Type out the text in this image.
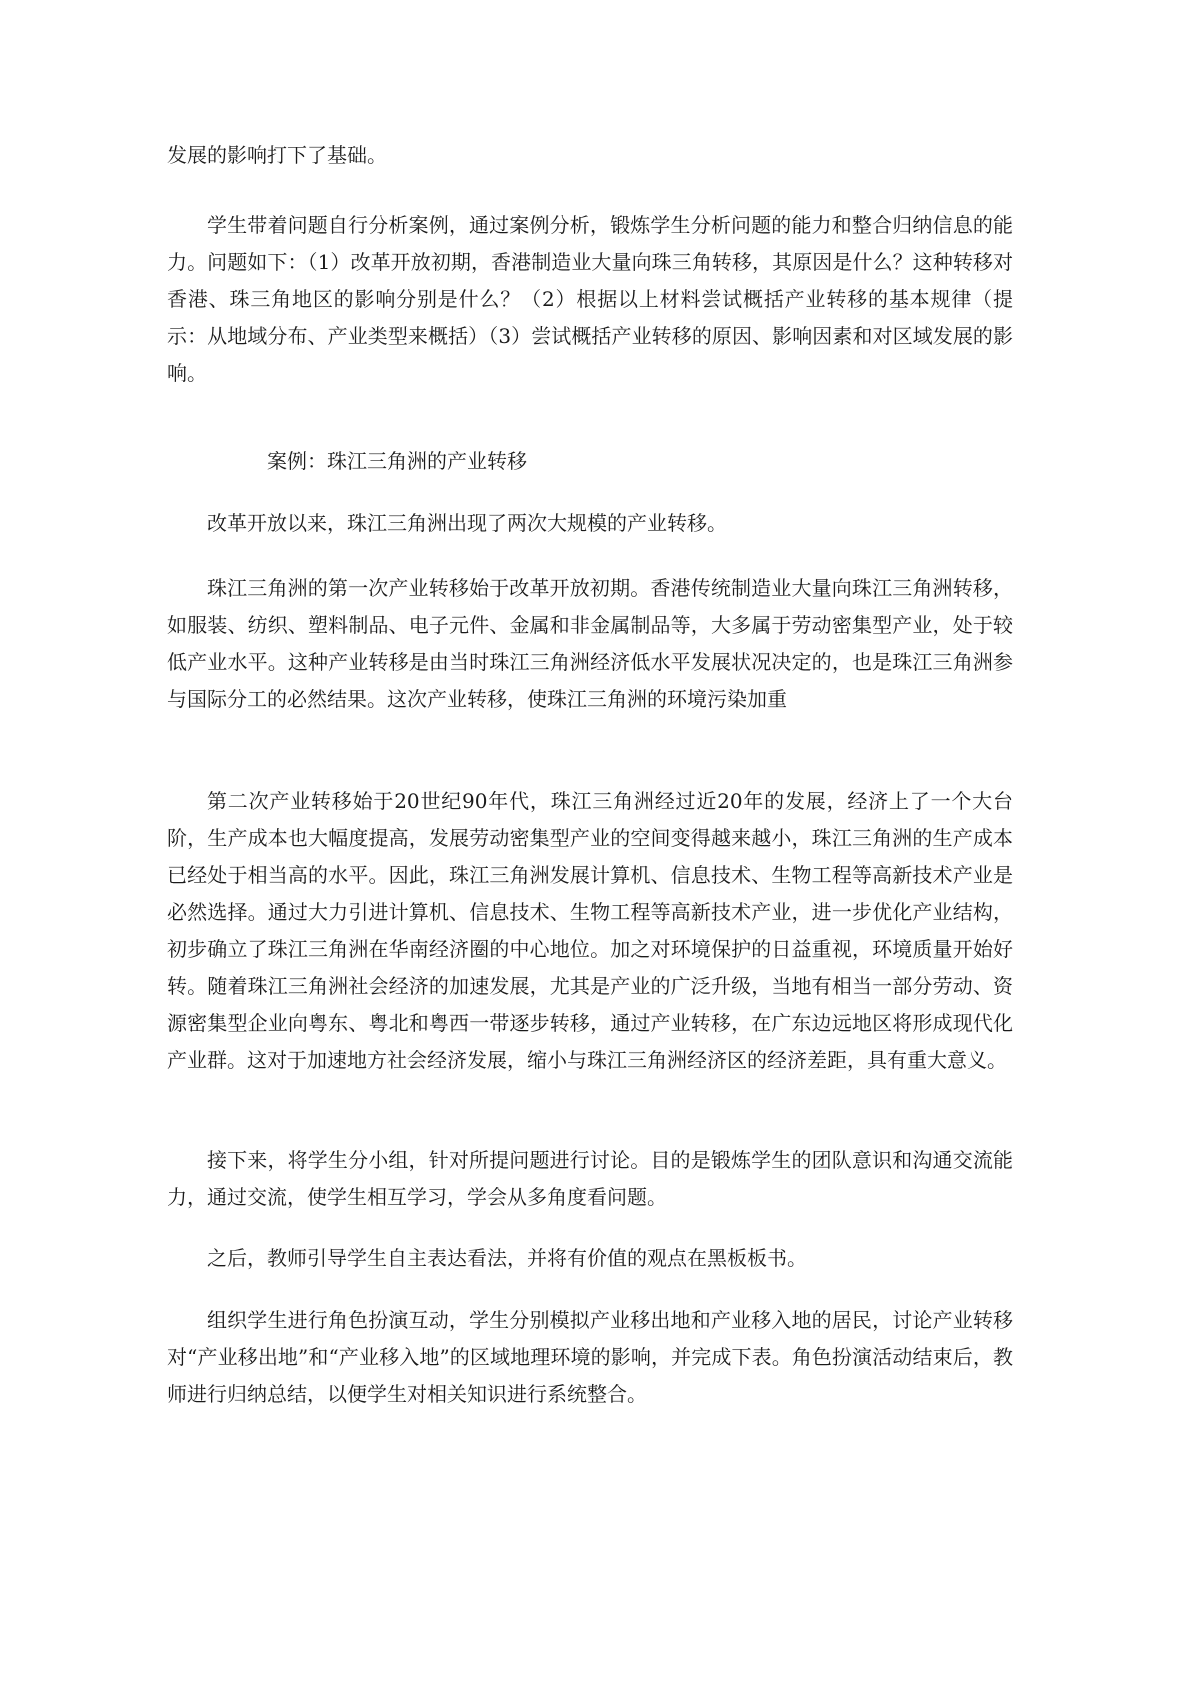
发展的影响打下了基础。

学生带着问题自行分析案例，通过案例分析，锻炼学生分析问题的能力和整合归纳信息的能力。问题如下：（1）改革开放初期，香港制造业大量向珠三角转移，其原因是什么？这种转移对香港、珠三角地区的影响分别是什么？（2）根据以上材料尝试概括产业转移的基本规律（提示：从地域分布、产业类型来概括）（3）尝试概括产业转移的原因、影响因素和对区域发展的影响。

案例：珠江三角洲的产业转移

改革开放以来，珠江三角洲出现了两次大规模的产业转移。

珠江三角洲的第一次产业转移始于改革开放初期。香港传统制造业大量向珠江三角洲转移，如服装、纺织、塑料制品、电子元件、金属和非金属制品等，大多属于劳动密集型产业，处于较低产业水平。这种产业转移是由当时珠江三角洲经济低水平发展状况决定的，也是珠江三角洲参与国际分工的必然结果。这次产业转移，使珠江三角洲的环境污染加重

第二次产业转移始于20世纪90年代，珠江三角洲经过近20年的发展，经济上了一个大台阶，生产成本也大幅度提高，发展劳动密集型产业的空间变得越来越小，珠江三角洲的生产成本已经处于相当高的水平。因此，珠江三角洲发展计算机、信息技术、生物工程等高新技术产业是必然选择。通过大力引进计算机、信息技术、生物工程等高新技术产业，进一步优化产业结构，初步确立了珠江三角洲在华南经济圈的中心地位。加之对环境保护的日益重视，环境质量开始好转。随着珠江三角洲社会经济的加速发展，尤其是产业的广泛升级，当地有相当一部分劳动、资源密集型企业向粤东、粤北和粤西一带逐步转移，通过产业转移，在广东边远地区将形成现代化产业群。这对于加速地方社会经济发展，缩小与珠江三角洲经济区的经济差距，具有重大意义。

接下来，将学生分小组，针对所提问题进行讨论。目的是锻炼学生的团队意识和沟通交流能力，通过交流，使学生相互学习，学会从多角度看问题。

之后，教师引导学生自主表达看法，并将有价值的观点在黑板板书。

组织学生进行角色扮演互动，学生分别模拟产业移出地和产业移入地的居民，讨论产业转移对“产业移出地”和“产业移入地”的区域地理环境的影响，并完成下表。角色扮演活动结束后，教师进行归纳总结，以便学生对相关知识进行系统整合。
